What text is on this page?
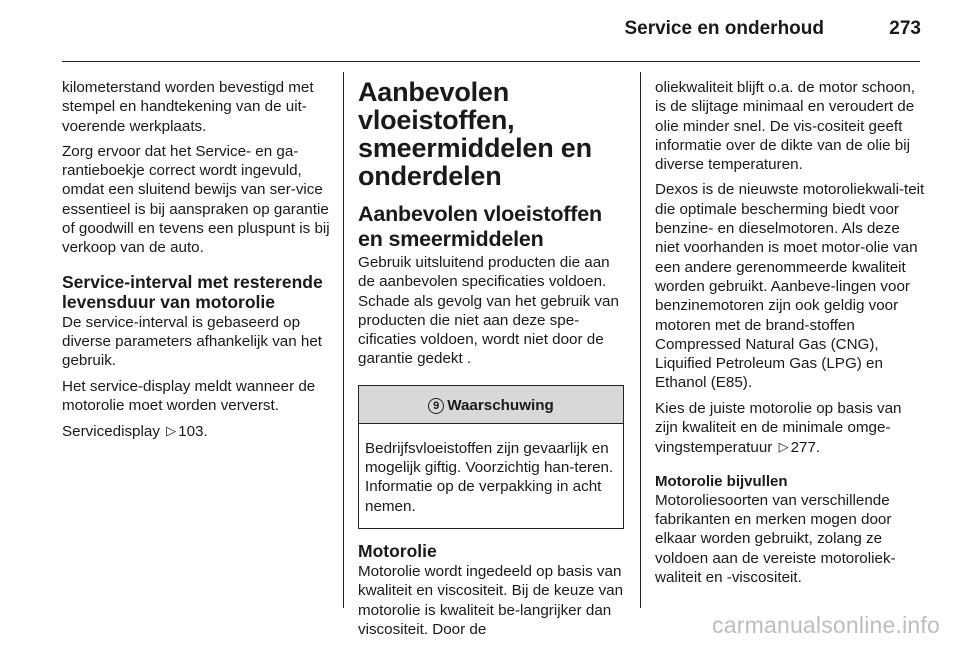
Service en onderhoud	273

kilometerstand worden bevestigd met stempel en handtekening van de uit-voerende werkplaats.

Zorg ervoor dat het Service- en ga-rantieboekje correct wordt ingevuld, omdat een sluitend bewijs van ser-vice essentieel is bij aanspraken op garantie of goodwill en tevens een pluspunt is bij verkoop van de auto.

Service-interval met resterende levensduur van motorolie

De service-interval is gebaseerd op diverse parameters afhankelijk van het gebruik.

Het service-display meldt wanneer de motorolie moet worden ververst.

Servicedisplay ▷ 103.

Aanbevolen vloeistoffen, smeermiddelen en onderdelen
Aanbevolen vloeistoffen en smeermiddelen

Gebruik uitsluitend producten die aan de aanbevolen specificaties voldoen. Schade als gevolg van het gebruik van producten die niet aan deze spe-cificaties voldoen, wordt niet door de garantie gedekt .

9 Waarschuwing
Bedrijfsvloeistoffen zijn gevaarlijk en mogelijk giftig. Voorzichtig han-teren. Informatie op de verpakking in acht nemen.
Motorolie

Motorolie wordt ingedeeld op basis van kwaliteit en viscositeit. Bij de keuze van motorolie is kwaliteit be-langrijker dan viscositeit. Door de

oliekwaliteit blijft o.a. de motor schoon, is de slijtage minimaal en veroudert de olie minder snel. De vis-cositeit geeft informatie over de dikte van de olie bij diverse temperaturen.

Dexos is de nieuwste motoroliekwali-teit die optimale bescherming biedt voor benzine- en dieselmotoren. Als deze niet voorhanden is moet motor-olie van een andere gerenommeerde kwaliteit worden gebruikt. Aanbeve-lingen voor benzinemotoren zijn ook geldig voor motoren met de brand-stoffen Compressed Natural Gas (CNG), Liquified Petroleum Gas (LPG) en Ethanol (E85).

Kies de juiste motorolie op basis van zijn kwaliteit en de minimale omge-vingstemperatuur ▷ 277.

Motorolie bijvullen

Motoroliesoorten van verschillende fabrikanten en merken mogen door elkaar worden gebruikt, zolang ze voldoen aan de vereiste motoroliek-waliteit en -viscositeit.

carmanualsonline.info
